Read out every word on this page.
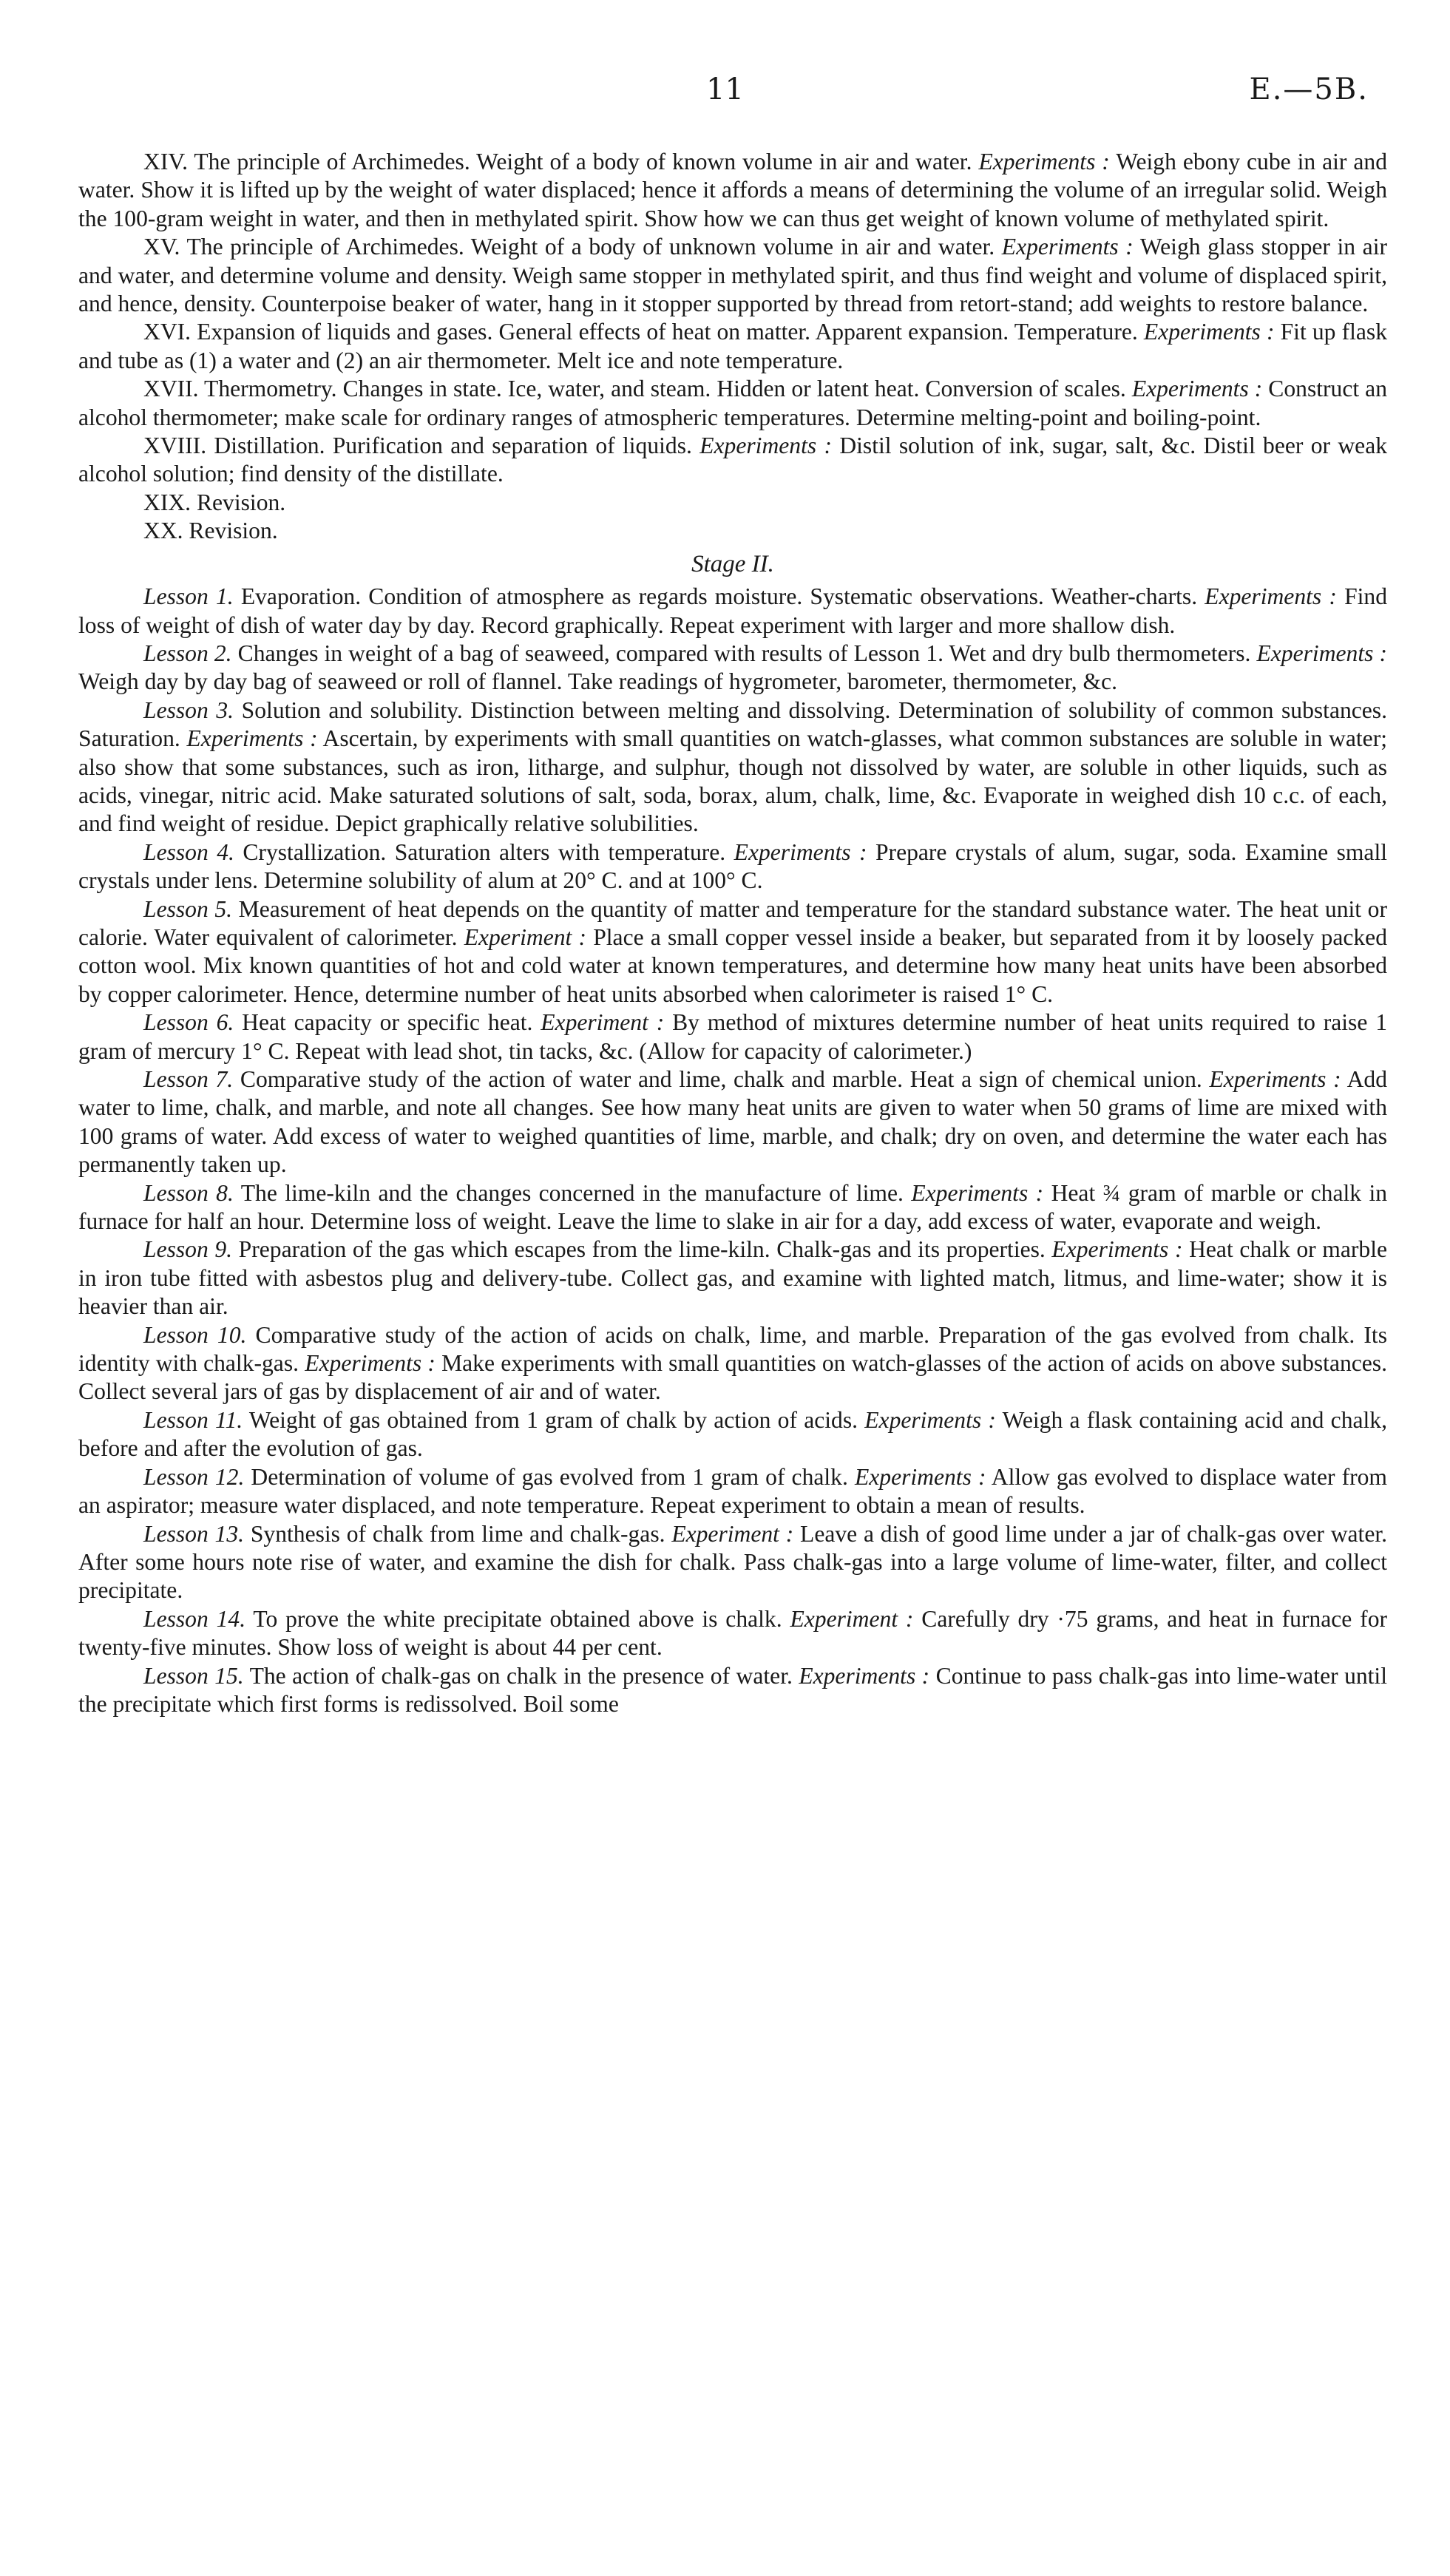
11	E.—5B.

XIV. The principle of Archimedes. Weight of a body of known volume in air and water. Experiments : Weigh ebony cube in air and water. Show it is lifted up by the weight of water displaced; hence it affords a means of determining the volume of an irregular solid. Weigh the 100-gram weight in water, and then in methylated spirit. Show how we can thus get weight of known volume of methylated spirit.

XV. The principle of Archimedes. Weight of a body of unknown volume in air and water. Experiments : Weigh glass stopper in air and water, and determine volume and density. Weigh same stopper in methylated spirit, and thus find weight and volume of displaced spirit, and hence, density. Counterpoise beaker of water, hang in it stopper supported by thread from retort-stand; add weights to restore balance.

XVI. Expansion of liquids and gases. General effects of heat on matter. Apparent expansion. Temperature. Experiments : Fit up flask and tube as (1) a water and (2) an air thermometer. Melt ice and note temperature.

XVII. Thermometry. Changes in state. Ice, water, and steam. Hidden or latent heat. Conversion of scales. Experiments : Construct an alcohol thermometer; make scale for ordinary ranges of atmospheric temperatures. Determine melting-point and boiling-point.

XVIII. Distillation. Purification and separation of liquids. Experiments : Distil solution of ink, sugar, salt, &c. Distil beer or weak alcohol solution; find density of the distillate.

XIX. Revision.

XX. Revision.

Stage II.

Lesson 1. Evaporation. Condition of atmosphere as regards moisture. Systematic observations. Weather-charts. Experiments : Find loss of weight of dish of water day by day. Record graphically. Repeat experiment with larger and more shallow dish.

Lesson 2. Changes in weight of a bag of seaweed, compared with results of Lesson 1. Wet and dry bulb thermometers. Experiments : Weigh day by day bag of seaweed or roll of flannel. Take readings of hygrometer, barometer, thermometer, &c.

Lesson 3. Solution and solubility. Distinction between melting and dissolving. Determination of solubility of common substances. Saturation. Experiments : Ascertain, by experiments with small quantities on watch-glasses, what common substances are soluble in water; also show that some substances, such as iron, litharge, and sulphur, though not dissolved by water, are soluble in other liquids, such as acids, vinegar, nitric acid. Make saturated solutions of salt, soda, borax, alum, chalk, lime, &c. Evaporate in weighed dish 10 c.c. of each, and find weight of residue. Depict graphically relative solubilities.

Lesson 4. Crystallization. Saturation alters with temperature. Experiments : Prepare crystals of alum, sugar, soda. Examine small crystals under lens. Determine solubility of alum at 20° C. and at 100° C.

Lesson 5. Measurement of heat depends on the quantity of matter and temperature for the standard substance water. The heat unit or calorie. Water equivalent of calorimeter. Experiment : Place a small copper vessel inside a beaker, but separated from it by loosely packed cotton wool. Mix known quantities of hot and cold water at known temperatures, and determine how many heat units have been absorbed by copper calorimeter. Hence, determine number of heat units absorbed when calorimeter is raised 1° C.

Lesson 6. Heat capacity or specific heat. Experiment : By method of mixtures determine number of heat units required to raise 1 gram of mercury 1° C. Repeat with lead shot, tin tacks, &c. (Allow for capacity of calorimeter.)

Lesson 7. Comparative study of the action of water and lime, chalk and marble. Heat a sign of chemical union. Experiments : Add water to lime, chalk, and marble, and note all changes. See how many heat units are given to water when 50 grams of lime are mixed with 100 grams of water. Add excess of water to weighed quantities of lime, marble, and chalk; dry on oven, and determine the water each has permanently taken up.

Lesson 8. The lime-kiln and the changes concerned in the manufacture of lime. Experiments : Heat ¾ gram of marble or chalk in furnace for half an hour. Determine loss of weight. Leave the lime to slake in air for a day, add excess of water, evaporate and weigh.

Lesson 9. Preparation of the gas which escapes from the lime-kiln. Chalk-gas and its properties. Experiments : Heat chalk or marble in iron tube fitted with asbestos plug and delivery-tube. Collect gas, and examine with lighted match, litmus, and lime-water; show it is heavier than air.

Lesson 10. Comparative study of the action of acids on chalk, lime, and marble. Preparation of the gas evolved from chalk. Its identity with chalk-gas. Experiments : Make experiments with small quantities on watch-glasses of the action of acids on above substances. Collect several jars of gas by displacement of air and of water.

Lesson 11. Weight of gas obtained from 1 gram of chalk by action of acids. Experiments : Weigh a flask containing acid and chalk, before and after the evolution of gas.

Lesson 12. Determination of volume of gas evolved from 1 gram of chalk. Experiments : Allow gas evolved to displace water from an aspirator; measure water displaced, and note temperature. Repeat experiment to obtain a mean of results.

Lesson 13. Synthesis of chalk from lime and chalk-gas. Experiment : Leave a dish of good lime under a jar of chalk-gas over water. After some hours note rise of water, and examine the dish for chalk. Pass chalk-gas into a large volume of lime-water, filter, and collect precipitate.

Lesson 14. To prove the white precipitate obtained above is chalk. Experiment : Carefully dry ·75 grams, and heat in furnace for twenty-five minutes. Show loss of weight is about 44 per cent.

Lesson 15. The action of chalk-gas on chalk in the presence of water. Experiments : Continue to pass chalk-gas into lime-water until the precipitate which first forms is redissolved. Boil some
